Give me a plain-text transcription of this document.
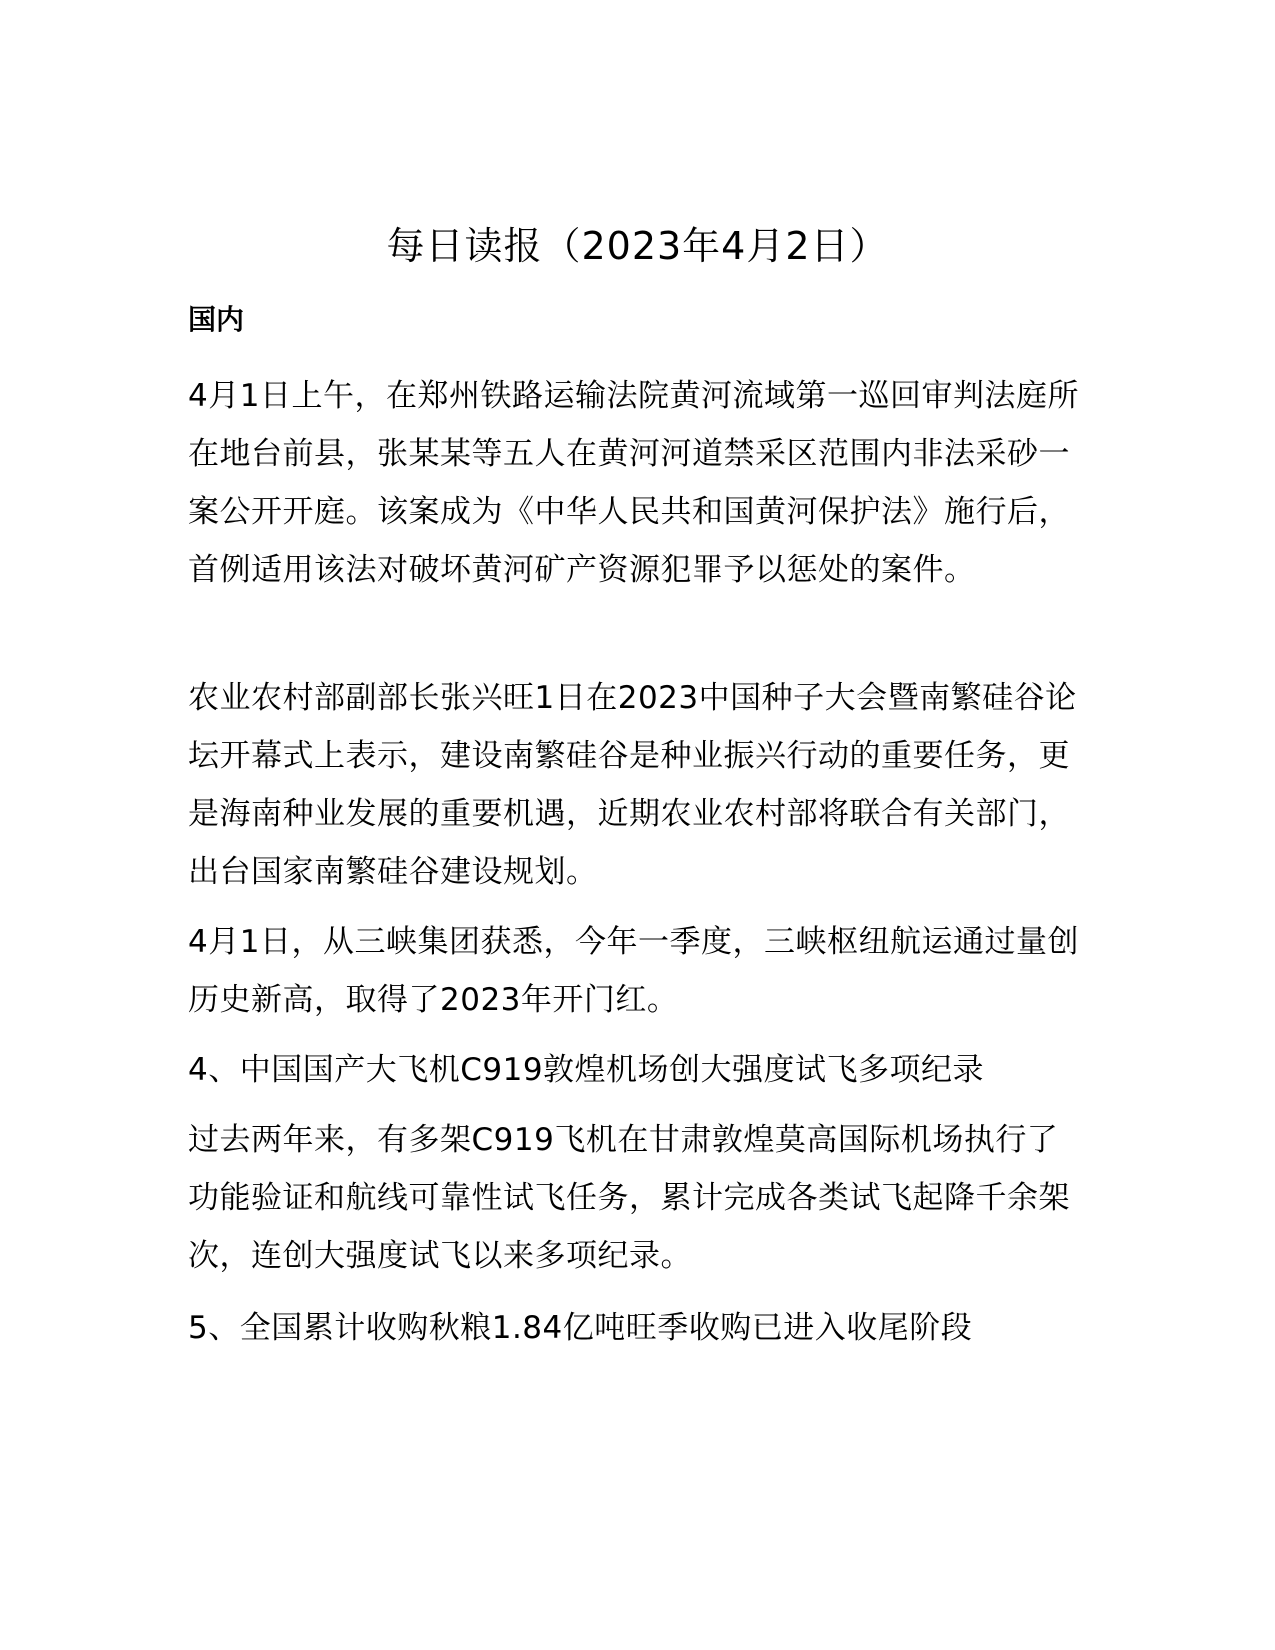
每日读报（2023年4月2日）
国内

4月1日上午，在郑州铁路运输法院黄河流域第一巡回审判法庭所在地台前县，张某某等五人在黄河河道禁采区范围内非法采砂一案公开开庭。该案成为《中华人民共和国黄河保护法》施行后，首例适用该法对破坏黄河矿产资源犯罪予以惩处的案件。

农业农村部副部长张兴旺1日在2023中国种子大会暨南繁硅谷论坛开幕式上表示，建设南繁硅谷是种业振兴行动的重要任务，更是海南种业发展的重要机遇，近期农业农村部将联合有关部门，出台国家南繁硅谷建设规划。

4月1日，从三峡集团获悉，今年一季度，三峡枢纽航运通过量创历史新高，取得了2023年开门红。

4、中国国产大飞机C919敦煌机场创大强度试飞多项纪录

过去两年来，有多架C919飞机在甘肃敦煌莫高国际机场执行了功能验证和航线可靠性试飞任务，累计完成各类试飞起降千余架次，连创大强度试飞以来多项纪录。

5、全国累计收购秋粮1.84亿吨旺季收购已进入收尾阶段
